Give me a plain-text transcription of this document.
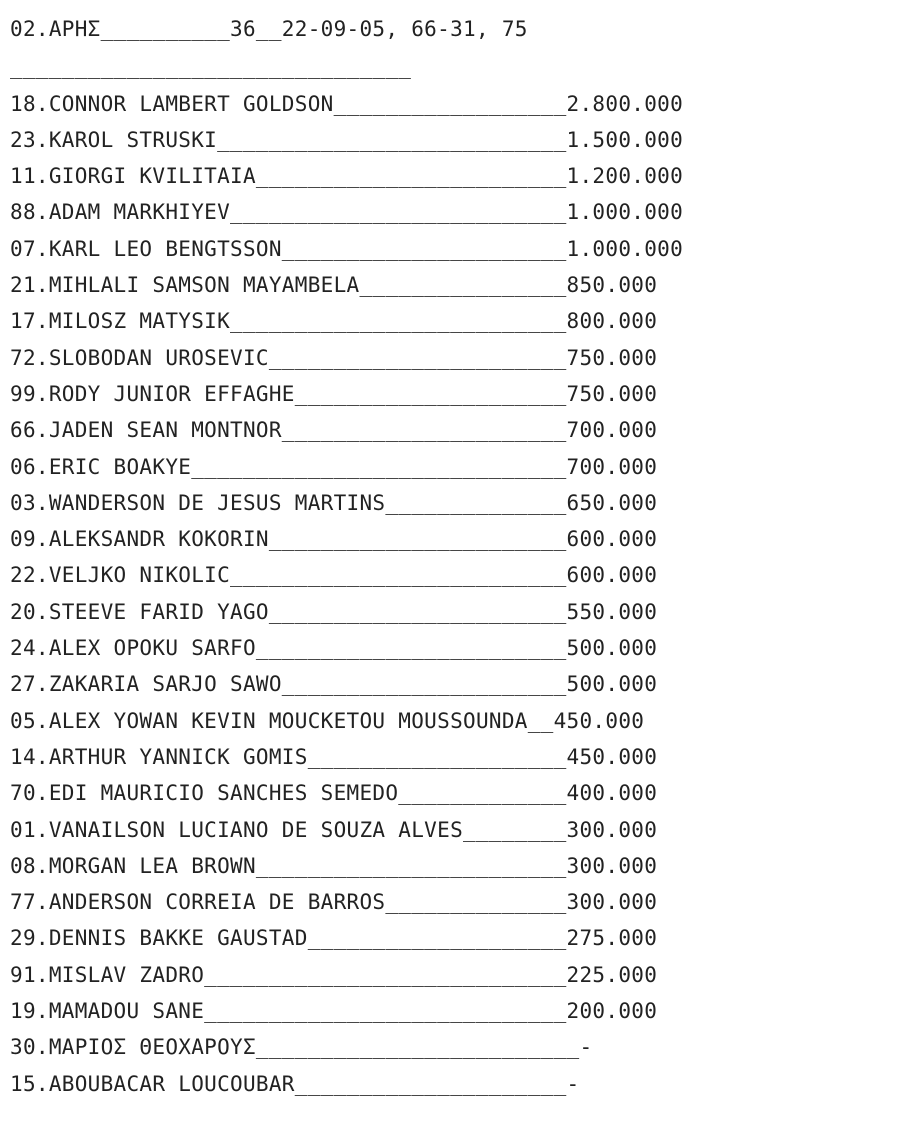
02.ΑΡΗΣ__________36__22-09-05, 66-31, 75
_______________________________
18.CONNOR LAMBERT GOLDSON__________________2.800.000
23.KAROL STRUSKI___________________________1.500.000
11.GIORGI KVILITAIA________________________1.200.000
88.ADAM MARKHIYEV__________________________1.000.000
07.KARL LEO BENGTSSON______________________1.000.000
21.MIHLALI SAMSON MAYAMBELA________________850.000
17.MILOSZ MATYSIK__________________________800.000
72.SLOBODAN UROSEVIC_______________________750.000
99.RODY JUNIOR EFFAGHE_____________________750.000
66.JADEN SEAN MONTNOR______________________700.000
06.ERIC BOAKYE_____________________________700.000
03.WANDERSON DE JESUS MARTINS______________650.000
09.ALEKSANDR KOKORIN_______________________600.000
22.VELJKO NIKOLIC__________________________600.000
20.STEEVE FARID YAGO_______________________550.000
24.ALEX OPOKU SARFO________________________500.000
27.ZAKARIA SARJO SAWO______________________500.000
05.ALEX YOWAN KEVIN MOUCKETOU MOUSSOUNDA__450.000
14.ARTHUR YANNICK GOMIS____________________450.000
70.EDI MAURICIO SANCHES SEMEDO_____________400.000
01.VANAILSON LUCIANO DE SOUZA ALVES________300.000
08.MORGAN LEA BROWN________________________300.000
77.ANDERSON CORREIA DE BARROS______________300.000
29.DENNIS BAKKE GAUSTAD____________________275.000
91.MISLAV ZADRO____________________________225.000
19.MAMADOU SANE____________________________200.000
30.ΜΑΡΙΟΣ ΘΕΟΧΑΡΟΥΣ_________________________-
15.ABOUBACAR LOUCOUBAR_____________________-
